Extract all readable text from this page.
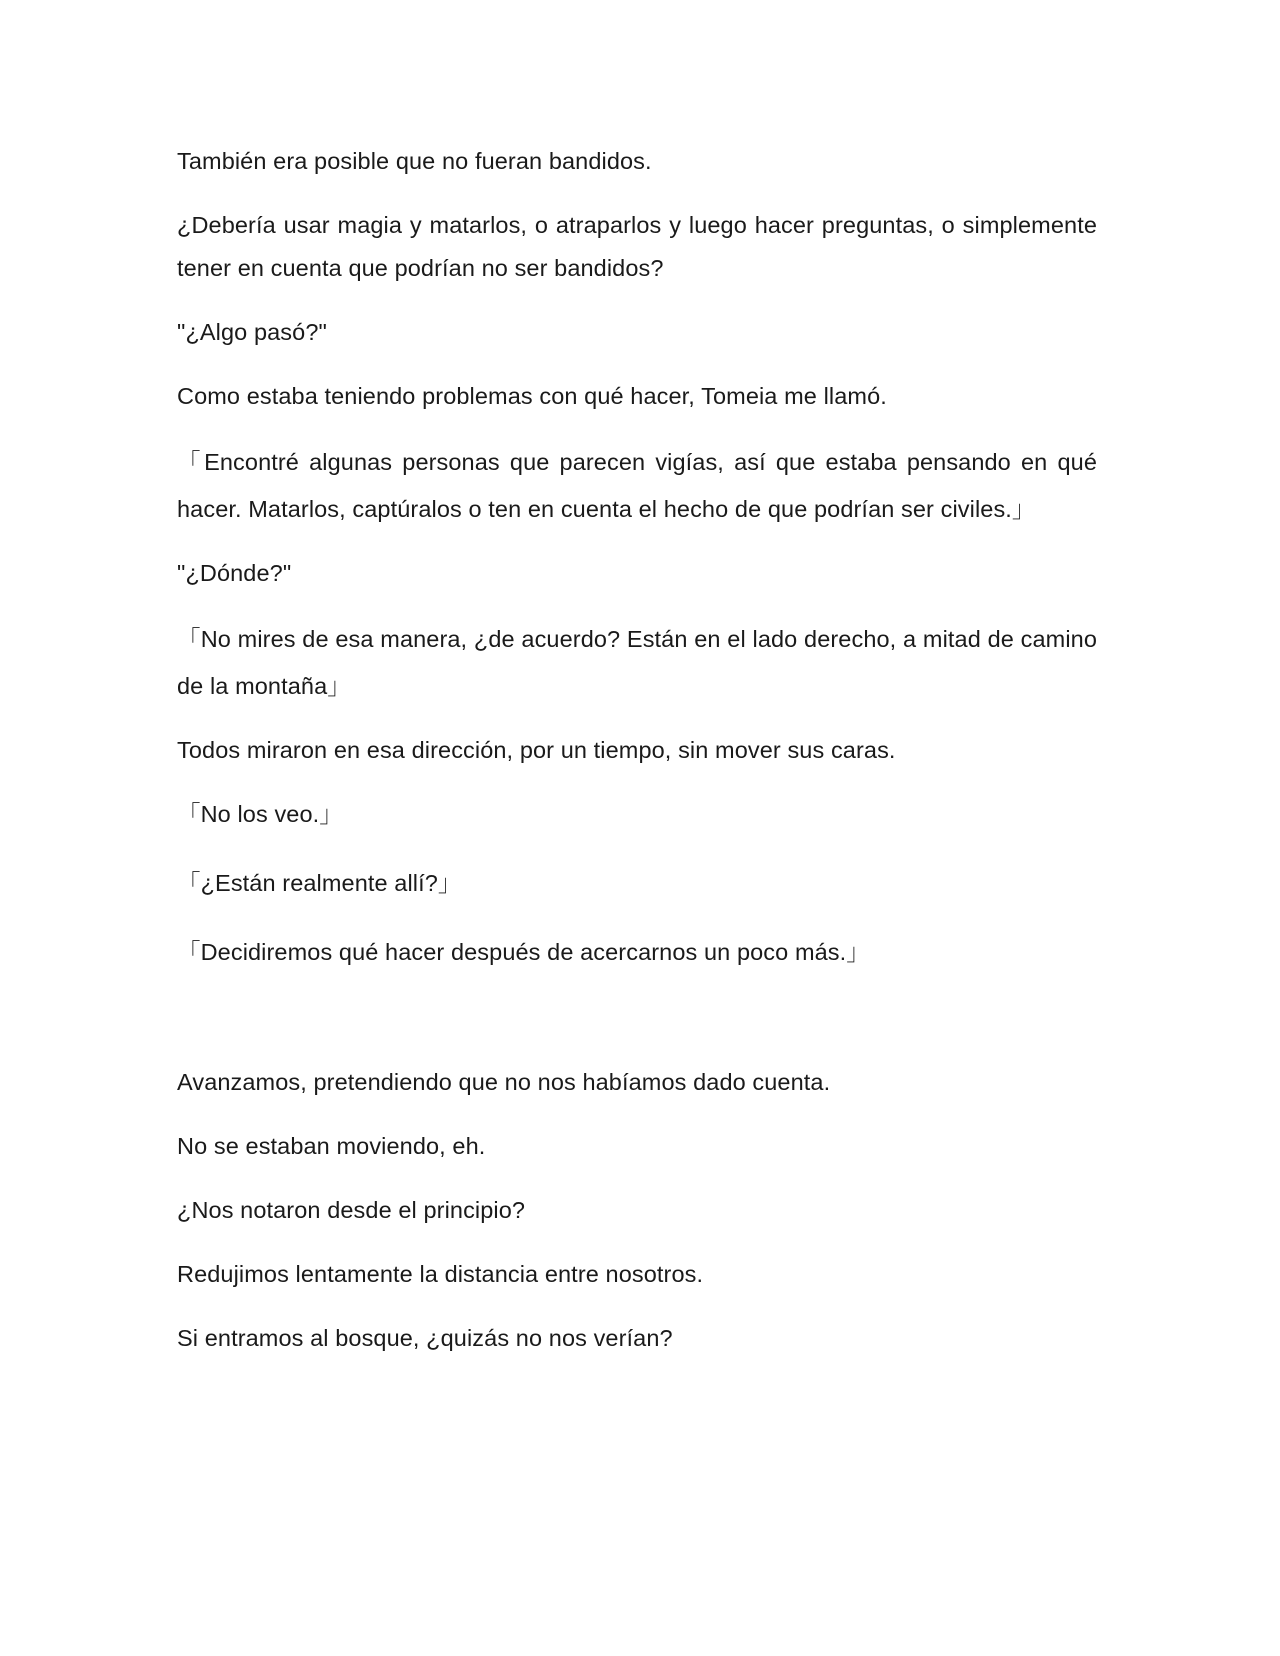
También era posible que no fueran bandidos.

¿Debería usar magia y matarlos, o atraparlos y luego hacer preguntas, o simplemente tener en cuenta que podrían no ser bandidos?

"¿Algo pasó?"

Como estaba teniendo problemas con qué hacer, Tomeia me llamó.

「Encontré algunas personas que parecen vigías, así que estaba pensando en qué hacer. Matarlos, captúralos o ten en cuenta el hecho de que podrían ser civiles.」

"¿Dónde?"

「No mires de esa manera, ¿de acuerdo? Están en el lado derecho, a mitad de camino de la montaña」

Todos miraron en esa dirección, por un tiempo, sin mover sus caras.

「No los veo.」

「¿Están realmente allí?」

「Decidiremos qué hacer después de acercarnos un poco más.」

Avanzamos, pretendiendo que no nos habíamos dado cuenta.

No se estaban moviendo, eh.

¿Nos notaron desde el principio?

Redujimos lentamente la distancia entre nosotros.

Si entramos al bosque, ¿quizás no nos verían?
